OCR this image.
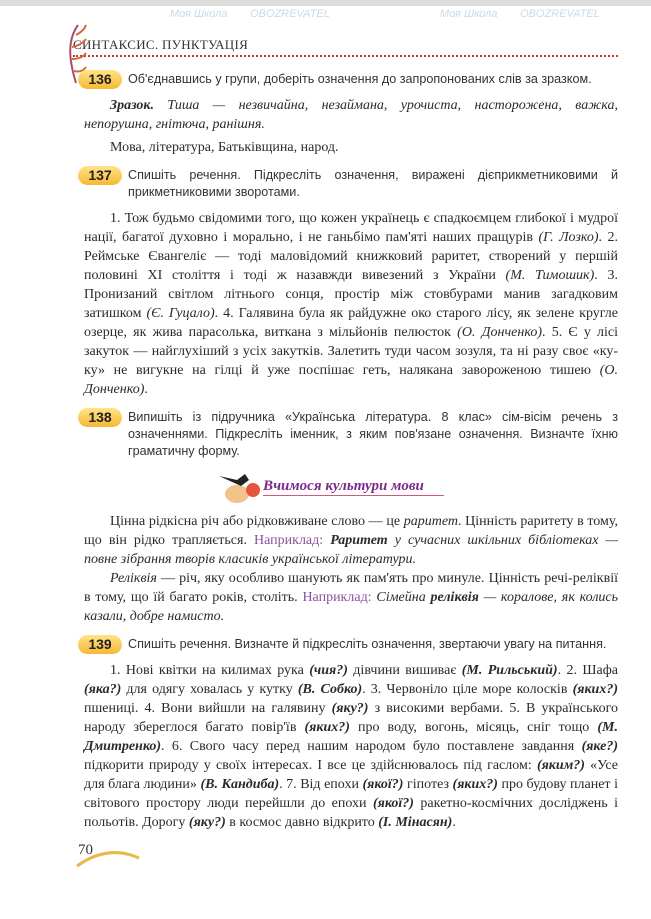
Моя Школа OBOZREVATEL	Моя Школа OBOZREVATEL
СИНТАКСИС. ПУНКТУАЦІЯ
136	Об'єднавшись у групи, доберіть означення до запропонованих слів за зразком.

Зразок. Тиша — незвичайна, незаймана, урочиста, насторожена, важка, непорушна, гнітюча, ранішня.

Мова, література, Батьківщина, народ.

137	Спишіть речення. Підкресліть означення, виражені дієприкметниковими й прикметниковими зворотами.

1. Тож будьмо свідомими того, що кожен українець є спадкоємцем глибокої і мудрої нації, багатої духовно і морально, і не ганьбімо пам'яті наших пращурів (Г. Лозко). 2. Реймське Євангеліє — тоді маловідомий книжковий раритет, створений у першій половині XI століття і тоді ж назавжди вивезений з України (М. Тимошик). 3. Пронизаний світлом літнього сонця, простір між стовбурами манив загадковим затишком (Є. Гуцало). 4. Галявина була як райдужне око старого лісу, як зелене кругле озерце, як жива парасолька, виткана з мільйонів пелюсток (О. Донченко). 5. Є у лісі закуток — найглухіший з усіх закутків. Залетить туди часом зозуля, та ні разу своє «ку-ку» не вигукне на гілці й уже поспішає геть, налякана завороженою тишею (О. Донченко).

138	Випишіть із підручника «Українська література. 8 клас» сім-вісім речень з означеннями. Підкресліть іменник, з яким пов'язане означення. Визначте їхню граматичну форму.
Вчимося культури мови

Цінна рідкісна річ або рідковживане слово — це раритет. Цінність раритету в тому, що він рідко трапляється. Наприклад: Раритет у сучасних шкільних бібліотеках — повне зібрання творів класиків української літератури.

Реліквія — річ, яку особливо шанують як пам'ять про минуле. Цінність речі-реліквії в тому, що їй багато років, століть. Наприклад: Сімейна реліквія — коралове, як колись казали, добре намисто.

139	Спишіть речення. Визначте й підкресліть означення, звертаючи увагу на питання.

1. Нові квітки на килимах рука (чия?) дівчини вишиває (М. Рильський). 2. Шафа (яка?) для одягу ховалась у кутку (В. Собко). 3. Червоніло ціле море колосків (яких?) пшениці. 4. Вони вийшли на галявину (яку?) з високими вербами. 5. В українського народу збереглося багато повір'їв (яких?) про воду, вогонь, місяць, сніг тощо (М. Дмитренко). 6. Свого часу перед нашим народом було поставлене завдання (яке?) підкорити природу у своїх інтересах. І все це здійснювалось під гаслом: (яким?) «Усе для блага людини» (В. Кандиба). 7. Від епохи (якої?) гіпотез (яких?) про будову планет і світового простору люди перейшли до епохи (якої?) ракетно-космічних досліджень і польотів. Дорогу (яку?) в космос давно відкрито (І. Мінасян).

70
